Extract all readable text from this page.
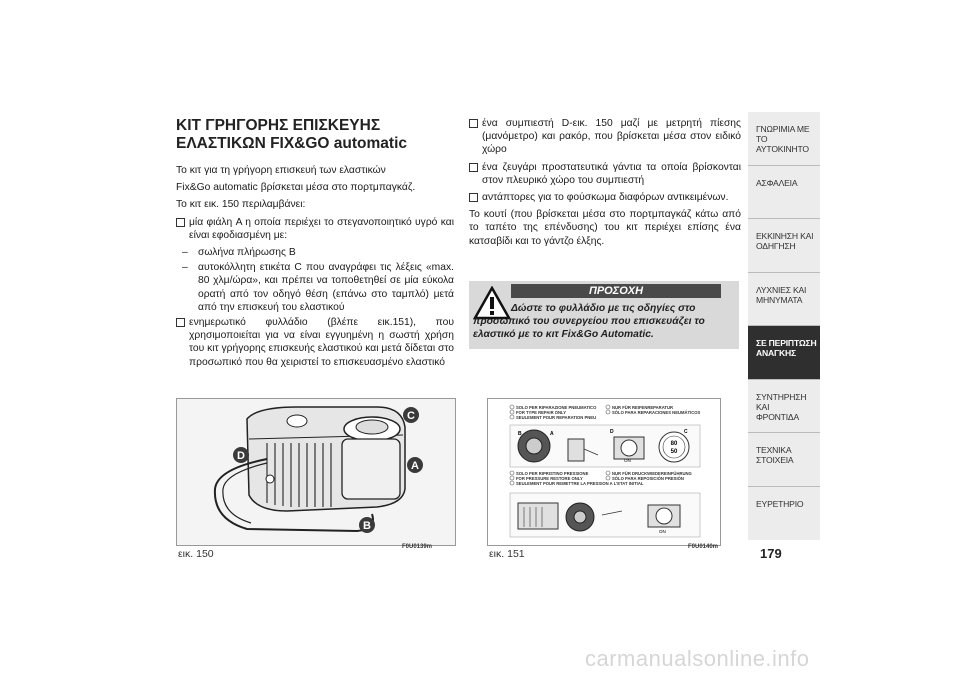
ΚΙΤ ΓΡΗΓΟΡΗΣ ΕΠΙΣΚΕΥΗΣ
ΕΛΑΣΤΙΚΩΝ FIX&GO automatic

Το κιτ για τη γρήγορη επισκευή των ελαστικών

Fix&Go automatic βρίσκεται μέσα στο πορτμπαγκάζ.

Το κιτ εικ. 150 περιλαμβάνει:

μία φιάλη A η οποία περιέχει το στεγανοποιητικό υγρό και είναι εφοδιασμένη με:
– σωλήνα πλήρωσης B
– αυτοκόλλητη ετικέτα C που αναγράφει τις λέξεις «max. 80 χλμ/ώρα», και πρέπει να τοποθετηθεί σε μία εύκολα ορατή από τον οδηγό θέση (επάνω στο ταμπλό) μετά από την επισκευή του ελαστικού
ενημερωτικό φυλλάδιο (βλέπε εικ.151), που χρησιμοποιείται για να είναι εγγυημένη η σωστή χρήση του κιτ γρήγορης επισκευής ελαστικού και μετά δίδεται στο προσωπικό που θα χειριστεί το επισκευασμένο ελαστικό
ένα συμπιεστή D-εικ. 150 μαζί με μετρητή πίεσης (μανόμετρο) και ρακόρ, που βρίσκεται μέσα στον ειδικό χώρο
ένα ζευγάρι προστατευτικά γάντια τα οποία βρίσκονται στον πλευρικό χώρο του συμπιεστή
αντάπτορες για το φούσκωμα διαφόρων αντικειμένων.

Το κουτί (που βρίσκεται μέσα στο πορτμπαγκάζ κάτω από το ταπέτο της επένδυσης) του κιτ περιέχει επίσης ένα κατσαβίδι και το γάντζο έλξης.

ΠΡΟΣΟΧΗ
Δώστε το φυλλάδιο με τις οδηγίες στο προσωπικό του συνεργείου που επισκευάζει το ελαστικό με το κιτ Fix&Go Automatic.
C
A
D
B
εικ. 150
F0U0139m
SOLO PER RIPARAZIONE PNEUMATICO
FOR TYPE REPAIR ONLY
SEULEMENT POUR REPARATION PNEU
NUR FÜR REIFENREPARATUR
SÓLO PARA REPARACIONES NEUMÁTICOS
SOLO PER RIPRISTINO PRESSIONE
FOR PRESSURE RESTORE ONLY
SEULEMENT POUR REMETTRE LA PRESSION A L'ETAT INITIAL
NUR FÜR DRUCKWIEDEREINFÜHRUNG
SÓLO PARA REPOSICIÓN PRESIÓN
B	A
ON
D
80
50
C
ON
εικ. 151
F0U0140m
ΓΝΩΡΙΜΙΑ ΜΕ ΤΟ
ΑΥΤΟΚΙΝΗΤΟ
ΑΣΦΑΛΕΙΑ
ΕΚΚΙΝΗΣΗ ΚΑΙ
ΟΔΗΓΗΣΗ
ΛΥΧΝΙΕΣ ΚΑΙ
ΜΗΝΥΜΑΤΑ
ΣΕ ΠΕΡΙΠΤΩΣΗ
ΑΝΑΓΚΗΣ
ΣΥΝΤΗΡΗΣΗ ΚΑΙ
ΦΡΟΝΤΙΔΑ
ΤΕΧΝΙΚΑ ΣΤΟΙΧΕΙΑ
ΕΥΡΕΤΗΡΙΟ
179
carmanualsonline.info
